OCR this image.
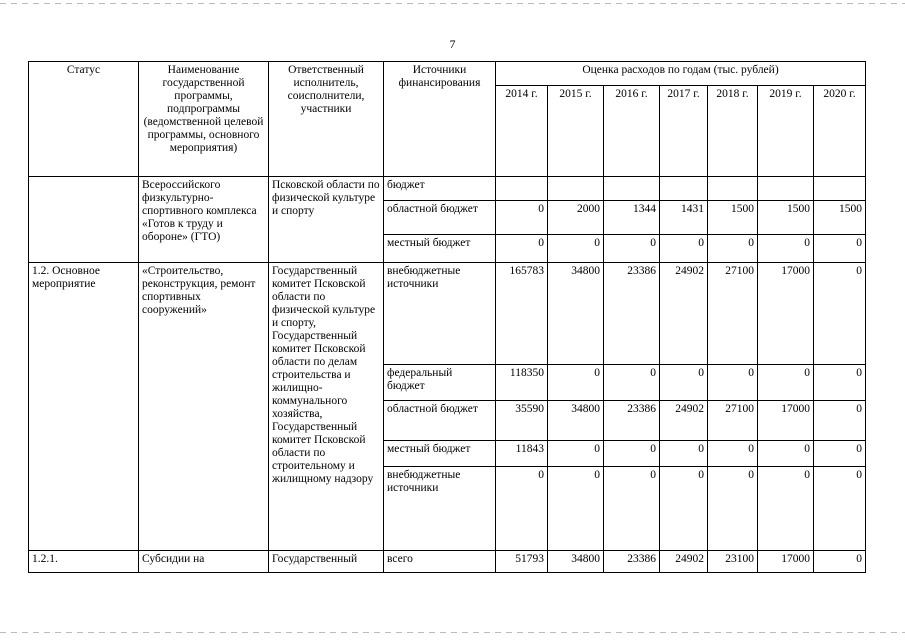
7
Статус	Наименование государственной программы, подпрограммы (ведомственной целевой программы, основного мероприятия)	Ответственный исполнитель, соисполнители, участники	Источники финансирования	Оценка расходов по годам (тыс. рублей)						
				2014 г.	2015 г.	2016 г.	2017 г.	2018 г.	2019 г.	2020 г.
	Всероссийского физкультурно-спортивного комплекса «Готов к труду и обороне» (ГТО)	Псковской области по физической культуре и спорту	бюджет							
			областной бюджет	0	2000	1344	1431	1500	1500	1500
			местный бюджет	0	0	0	0	0	0	0
1.2. Основное мероприятие	«Строительство, реконструкция, ремонт спортивных сооружений»	Государственный комитет Псковской области по физической культуре и спорту, Государственный комитет Псковской области по делам строительства и жилищно-коммунального хозяйства, Государственный комитет Псковской области по строительному и жилищному надзору	внебюджетные источники	165783	34800	23386	24902	27100	17000	0
			федеральный бюджет	118350	0	0	0	0	0	0
			областной бюджет	35590	34800	23386	24902	27100	17000	0
			местный бюджет	11843	0	0	0	0	0	0
			внебюджетные источники	0	0	0	0	0	0	0
1.2.1.	Субсидии на	Государственный	всего	51793	34800	23386	24902	23100	17000	0
